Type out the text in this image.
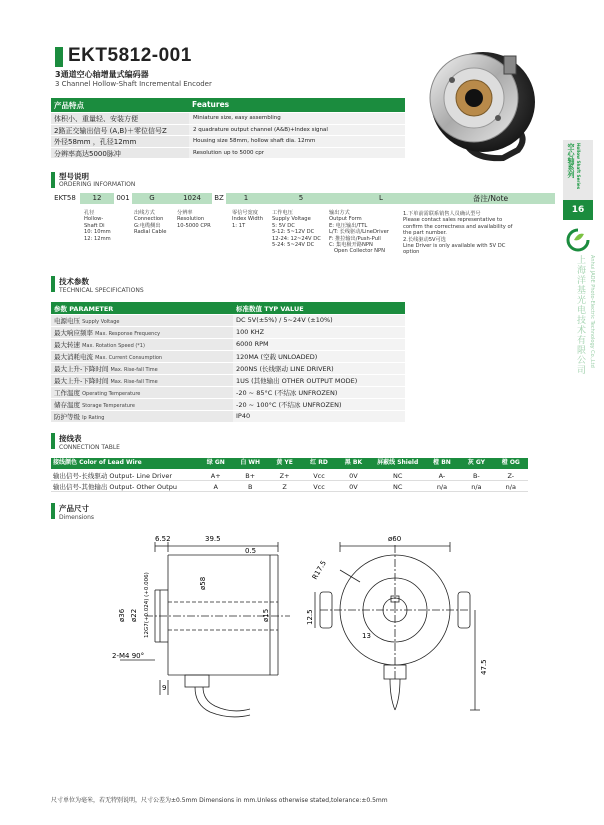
EKT5812-001
3通道空心轴增量式编码器
3 Channel Hollow-Shaft Incremental Encoder
产品特点	Features
体积小、重量轻、安装方便	Miniature size, easy assembling
2路正交输出信号 (A,B)＋零位信号Z	2 quadrature output channel (A&B)+Index signal
外径58mm ，孔径12mm	Housing size 58mm, hollow shaft dia. 12mm
分辨率高达5000脉冲	Resolution up to 5000 cpr
型号说明
ORDERING INFORMATION
EKT58	12	001	G	1024	BZ	1	5	L	备注/Note
孔径
Hollow-
Shaft Di
10: 10mm
12: 12mm
出线方式
Connection
G:电缆侧出
Radial Cable
分辨率
Resolution
10-5000 CPR
零信号宽度
Index Width
1: 1T
工作电压
Supply Voltage
5: 5V DC
5-12: 5~12V DC
12-24: 12~24V DC
5-24: 5~24V DC
输出方式
Output Form
E: 电压输出/TTL
L/T: 长线驱动/LineDriver
F: 推拉输出/Push-Pull
C: 集电极开路NPN
Open Collector NPN
1.下单前需联系销售人员确认型号
Please contact sales representative to
confirm the correctness and availability of
the part number.
2.长线驱动5V可选
Line Driver is only available with 5V DC
option
技术参数
TECHNICAL SPECIFICATIONS
参数 PARAMETER	标准数值 TYP VALUE
电源电压 Supply Voltage	DC 5V(±5%) / 5~24V (±10%)
最大响应频率 Max. Response Frequency	100 KHZ
最大转速 Max. Rotation Speed (*1)	6000 RPM
最大消耗电流 Max. Current Consumption	120MA (空载 UNLOADED)
最大上升-下降时间 Max. Rise-fall Time	200NS (长线驱动 LINE DRIVER)
最大上升-下降时间 Max. Rise-fall Time	1US (其他输出 OTHER OUTPUT MODE)
工作温度 Operating Temperature	-20 ~ 85°C (不结冰 UNFROZEN)
储存温度 Storage Temperature	-20 ~ 100°C (不结冰 UNFROZEN)
防护等级 Ip Rating	IP40
接线表
CONNECTION TABLE
接线颜色 Color of Lead Wire	绿 GN	白 WH	黄 YE	红 RD	黑 BK	屏蔽线 Shield	橙 BN	灰 GY	橙 OG
输出信号-长线驱动 Output- Line Driver	A+	B+	Z+	Vcc	0V	NC	A-	B-	Z-
输出信号-其他输出 Output- Other Outpu	A	B	Z	Vcc	0V	NC	n/a	n/a	n/a
产品尺寸
Dimensions
6.52	39.5
0.5
ø58
ø36 ø22 12G7(+0.024) (+0.006)	ø15
2-M4 90°
9
ø60
R17.5
12.5
47.5
13
空心轴系列 Hollow Shaft Series
16
上海洋基光电技术有限公司 Anhui JADE Photo-Electric Technology Co.,Ltd
尺寸单位为毫米，若无特别说明，尺寸公差为±0.5mm Dimensions in mm.Unless otherwise stated,tolerance:±0.5mm
